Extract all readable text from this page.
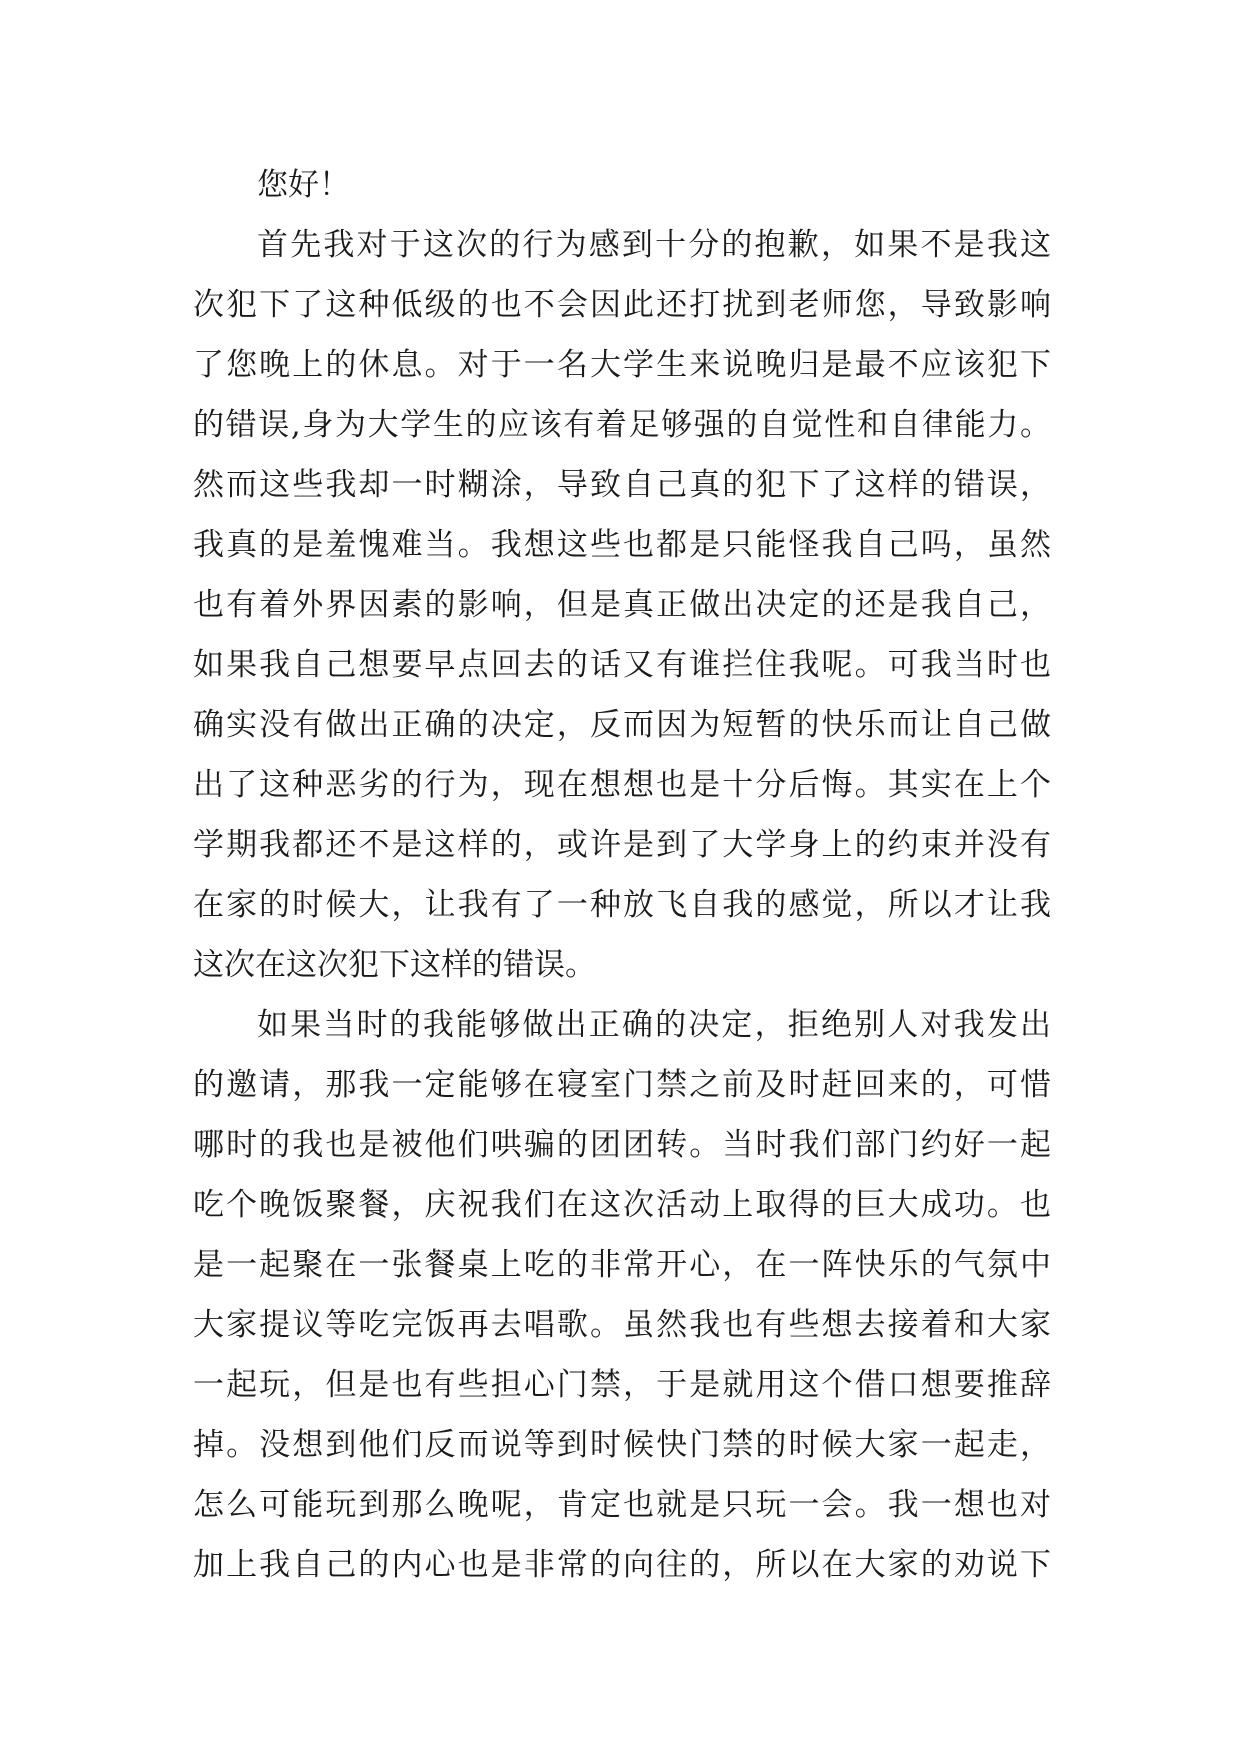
您好！
首先我对于这次的行为感到十分的抱歉，如果不是我这
次犯下了这种低级的也不会因此还打扰到老师您，导致影响
了您晚上的休息。对于一名大学生来说晚归是最不应该犯下
的错误,身为大学生的应该有着足够强的自觉性和自律能力。
然而这些我却一时糊涂，导致自己真的犯下了这样的错误，
我真的是羞愧难当。我想这些也都是只能怪我自己吗，虽然
也有着外界因素的影响，但是真正做出决定的还是我自己，
如果我自己想要早点回去的话又有谁拦住我呢。可我当时也
确实没有做出正确的决定，反而因为短暂的快乐而让自己做
出了这种恶劣的行为，现在想想也是十分后悔。其实在上个
学期我都还不是这样的，或许是到了大学身上的约束并没有
在家的时候大，让我有了一种放飞自我的感觉，所以才让我
这次在这次犯下这样的错误。
如果当时的我能够做出正确的决定，拒绝别人对我发出
的邀请，那我一定能够在寝室门禁之前及时赶回来的，可惜
哪时的我也是被他们哄骗的团团转。当时我们部门约好一起
吃个晚饭聚餐，庆祝我们在这次活动上取得的巨大成功。也
是一起聚在一张餐桌上吃的非常开心，在一阵快乐的气氛中
大家提议等吃完饭再去唱歌。虽然我也有些想去接着和大家
一起玩，但是也有些担心门禁，于是就用这个借口想要推辞
掉。没想到他们反而说等到时候快门禁的时候大家一起走，
怎么可能玩到那么晚呢，肯定也就是只玩一会。我一想也对
加上我自己的内心也是非常的向往的，所以在大家的劝说下
